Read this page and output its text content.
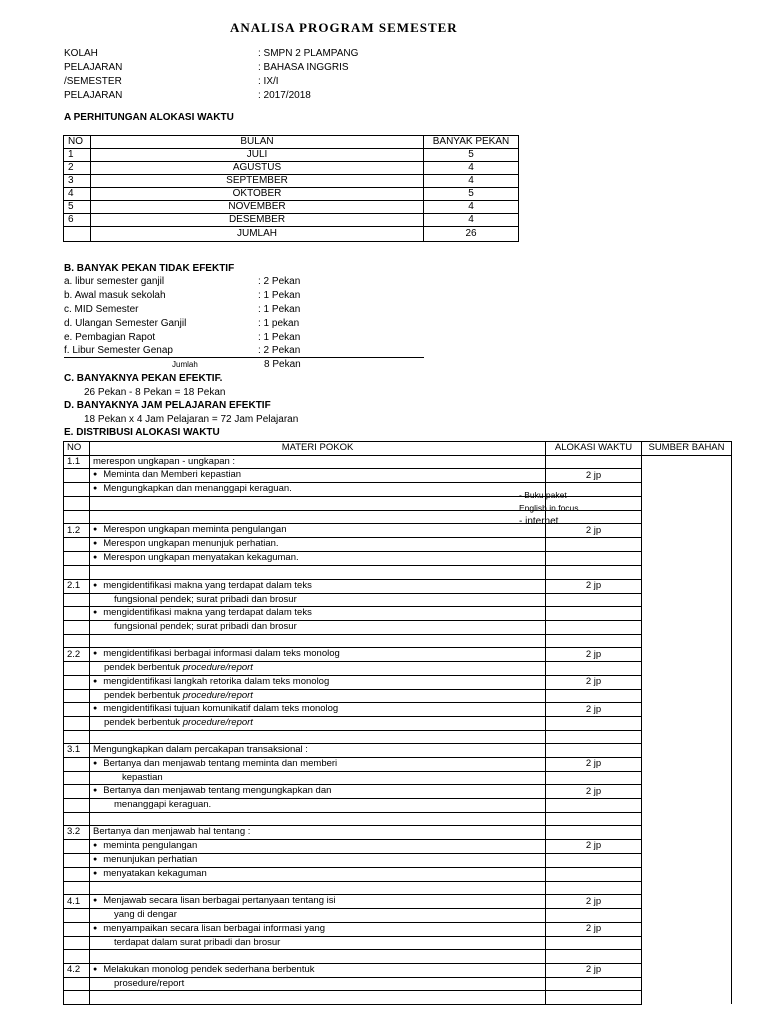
ANALISA PROGRAM SEMESTER
KOLAH	: SMPN 2 PLAMPANG
PELAJARAN	: BAHASA INGGRIS
/SEMESTER	: IX/I
PELAJARAN	: 2017/2018
A PERHITUNGAN ALOKASI WAKTU
NO	BULAN	BANYAK PEKAN
1	JULI	5
2	AGUSTUS	4
3	SEPTEMBER	4
4	OKTOBER	5
5	NOVEMBER	4
6	DESEMBER	4
	JUMLAH	26
B. BANYAK PEKAN TIDAK EFEKTIF
a. libur semester ganjil	: 2 Pekan
b. Awal masuk sekolah	: 1 Pekan
c. MID Semester	: 1 Pekan
d. Ulangan Semester Ganjil	: 1 pekan
e. Pembagian Rapot	: 1 Pekan
f. Libur Semester Genap	: 2 Pekan
Jumlah	8 Pekan
C. BANYAKNYA PEKAN EFEKTIF.
26 Pekan - 8 Pekan = 18 Pekan
D. BANYAKNYA JAM PELAJARAN EFEKTIF
18 Pekan x 4 Jam Pelajaran = 72 Jam Pelajaran
E. DISTRIBUSI ALOKASI WAKTU
NO	MATERI POKOK	ALOKASI WAKTU	SUMBER BAHAN
1.1	merespon ungkapan - ungkapan :		
	● Meminta dan Memberi kepastian	2 jp	
	● Mengungkapkan dan menanggapi keraguan.		

1.2	●Merespon ungkapan meminta pengulangan	2 jp	
	● Merespon ungkapan menunjuk perhatian.		
	● Merespon ungkapan menyatakan kekaguman.		

2.1	●mengidentifikasi makna yang terdapat dalam teks	2 jp	
	fungsional pendek; surat pribadi dan brosur		
	● mengidentifikasi makna yang terdapat dalam teks		
	fungsional pendek; surat pribadi dan brosur		

2.2	●mengidentifikasi berbagai informasi dalam teks monolog	2 jp	
	pendek berbentuk procedure/report		
	● mengidentifikasi langkah retorika dalam teks monolog	2 jp	
	pendek berbentuk procedure/report		
	● mengidentifikasi tujuan komunikatif dalam teks monolog	2 jp	
	pendek berbentuk procedure/report		

3.1	Mengungkapkan dalam percakapan transaksional :		
	● Bertanya dan menjawab tentang meminta dan memberi	2 jp	
	kepastian		
	● Bertanya dan menjawab tentang mengungkapkan dan	2 jp	
	menanggapi keraguan.		

3.2	Bertanya dan menjawab hal tentang :		
	● meminta pengulangan	2 jp	
	● menunjukan perhatian		
	● menyatakan kekaguman		

4.1	●Menjawab secara lisan berbagai pertanyaan tentang isi	2 jp	
	yang di dengar		
	● menyampaikan secara lisan berbagai informasi yang	2 jp	
	terdapat dalam surat pribadi dan brosur		

4.2	●Melakukan monolog pendek sederhana berbentuk	2 jp	
	prosedure/report		

- Buku paket
English in focus
- internet
